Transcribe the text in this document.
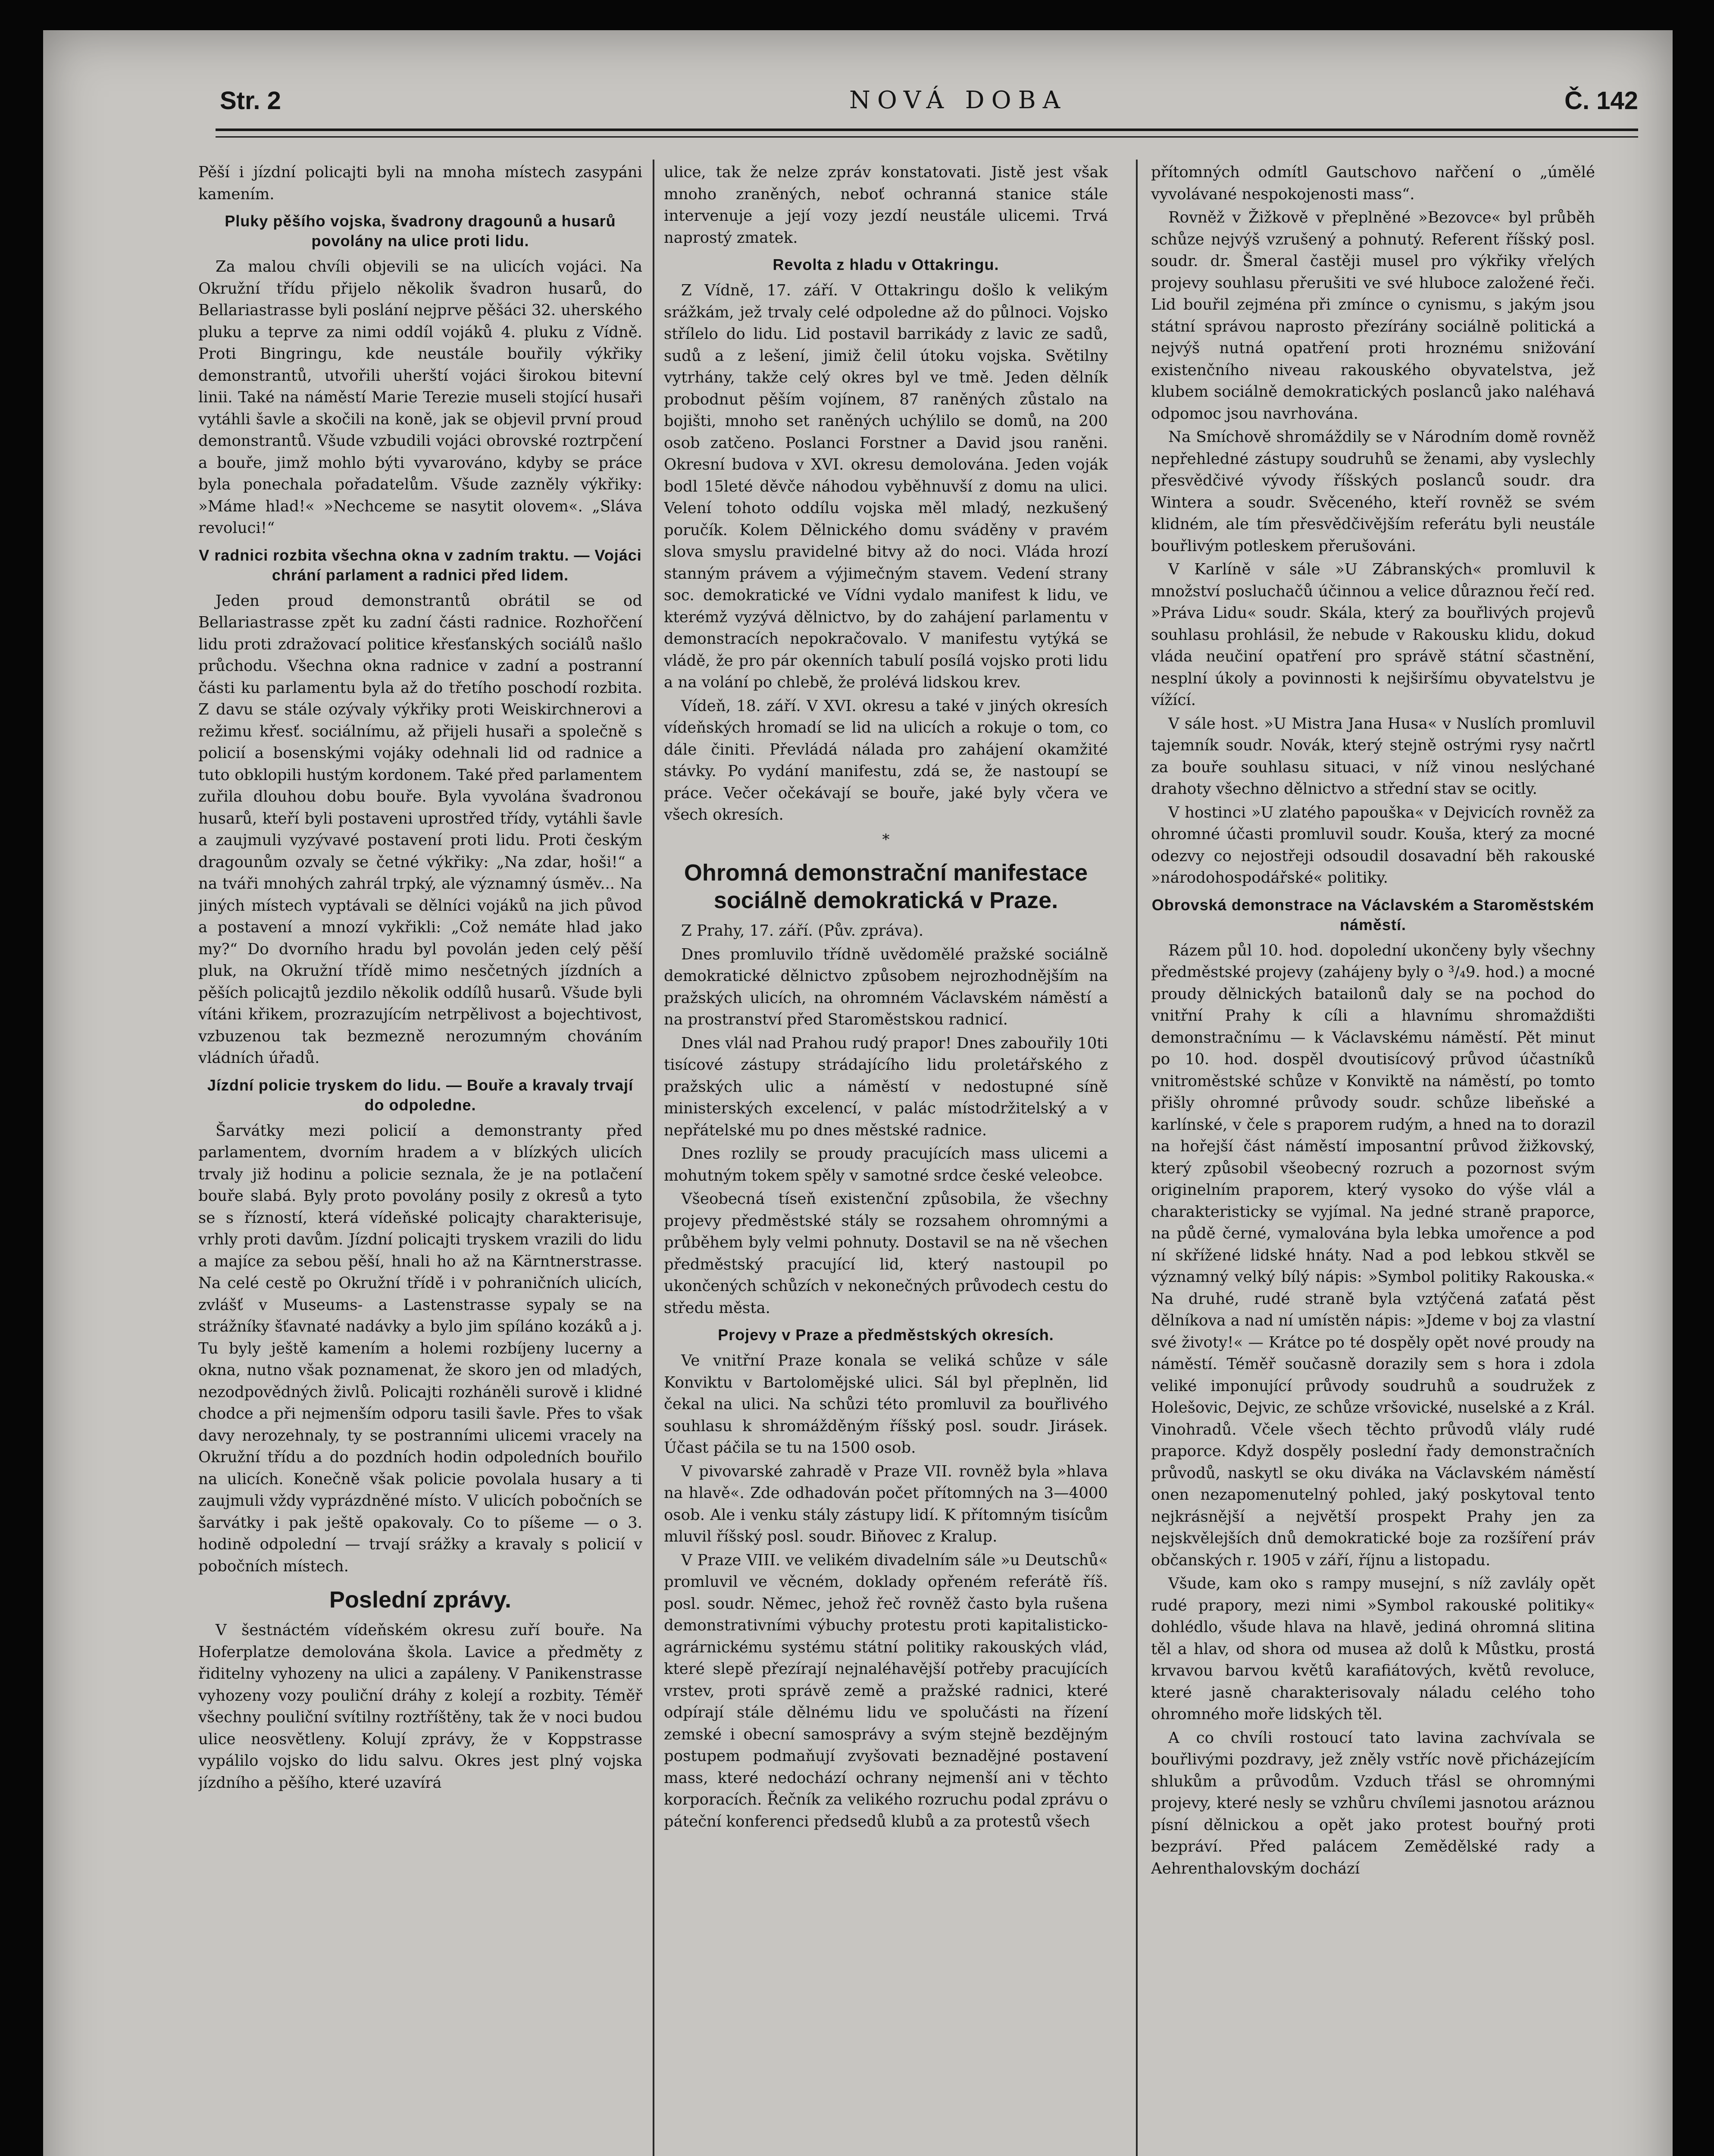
Str. 2	NOVÁ DOBA	Č. 142

Pěší i jízdní policajti byli na mnoha místech zasypáni kamením.

Pluky pěšího vojska, švadrony dragounů a husarů povolány na ulice proti lidu.

Za malou chvíli objevili se na ulicích vojáci. Na Okružní třídu přijelo několik švadron husarů, do Bellariastrasse byli poslání nejprve pěšáci 32. uherského pluku a teprve za nimi oddíl vojáků 4. pluku z Vídně. Proti Bingringu, kde neustále bouřily výkřiky demonstrantů, utvořili uherští vojáci širokou bitevní linii. Také na náměstí Marie Terezie museli stojící husaři vytáhli šavle a skočili na koně, jak se objevil první proud demonstrantů. Všude vzbudili vojáci obrovské roztrpčení a bouře, jimž mohlo býti vyvarováno, kdyby se práce byla ponechala pořadatelům. Všude zazněly výkřiky: »Máme hlad!« »Nechceme se nasytit olovem«. „Sláva revoluci!“

V radnici rozbita všechna okna v zadním traktu. — Vojáci chrání parlament a radnici před lidem.

Jeden proud demonstrantů obrátil se od Bellariastrasse zpět ku zadní části radnice. Rozhořčení lidu proti zdražovací politice křesťanských sociálů našlo průchodu. Všechna okna radnice v zadní a postranní části ku parlamentu byla až do třetího poschodí rozbita. Z davu se stále ozývaly výkřiky proti Weiskirchnerovi a režimu křesť. sociálnímu, až přijeli husaři a společně s policií a bosenskými vojáky odehnali lid od radnice a tuto obklopili hustým kordonem. Také před parlamentem zuřila dlouhou dobu bouře. Byla vyvolána švadronou husarů, kteří byli postaveni uprostřed třídy, vytáhli šavle a zaujmuli vyzývavé postavení proti lidu. Proti českým dragounům ozvaly se četné výkřiky: „Na zdar, hoši!“ a na tváři mnohých zahrál trpký, ale významný úsměv... Na jiných místech vyptávali se dělníci vojáků na jich původ a postavení a mnozí vykřikli: „Což nemáte hlad jako my?“ Do dvorního hradu byl povolán jeden celý pěší pluk, na Okružní třídě mimo nesčetných jízdních a pěších policajtů jezdilo několik oddílů husarů. Všude byli vítáni křikem, prozrazujícím netrpělivost a bojechtivost, vzbuzenou tak bezmezně nerozumným chováním vládních úřadů.

Jízdní policie tryskem do lidu. — Bouře a kravaly trvají do odpoledne.

Šarvátky mezi policií a demonstranty před parlamentem, dvorním hradem a v blízkých ulicích trvaly již hodinu a policie seznala, že je na potlačení bouře slabá. Byly proto povolány posily z okresů a tyto se s řízností, která vídeňské policajty charakterisuje, vrhly proti davům. Jízdní policajti tryskem vrazili do lidu a majíce za sebou pěší, hnali ho až na Kärntnerstrasse. Na celé cestě po Okružní třídě i v pohraničních ulicích, zvlášť v Museums- a Lastenstrasse sypaly se na strážníky šťavnaté nadávky a bylo jim spíláno kozáků a j. Tu byly ještě kamením a holemi rozbíjeny lucerny a okna, nutno však poznamenat, že skoro jen od mladých, nezodpovědných živlů. Policajti rozháněli surově i klidné chodce a při nejmenším odporu tasili šavle. Přes to však davy nerozehnaly, ty se postranními ulicemi vracely na Okružní třídu a do pozdních hodin odpoledních bouřilo na ulicích. Konečně však policie povolala husary a ti zaujmuli vždy vyprázdněné místo. V ulicích pobočních se šarvátky i pak ještě opakovaly. Co to píšeme — o 3. hodině odpolední — trvají srážky a kravaly s policií v pobočních místech.

Poslední zprávy.

V šestnáctém vídeňském okresu zuří bouře. Na Hoferplatze demolována škola. Lavice a předměty z řiditelny vyhozeny na ulici a zapáleny. V Panikenstrasse vyhozeny vozy pouliční dráhy z kolejí a rozbity. Téměř všechny pouliční svítilny roztříštěny, tak že v noci budou ulice neosvětleny. Kolují zprávy, že v Koppstrasse vypálilo vojsko do lidu salvu. Okres jest plný vojska jízdního a pěšího, které uzavírá

ulice, tak že nelze zpráv konstatovati. Jistě jest však mnoho zraněných, neboť ochranná stanice stále intervenuje a její vozy jezdí neustále ulicemi. Trvá naprostý zmatek.

Revolta z hladu v Ottakringu.

Z Vídně, 17. září. V Ottakringu došlo k velikým srážkám, jež trvaly celé odpoledne až do půlnoci. Vojsko střílelo do lidu. Lid postavil barrikády z lavic ze sadů, sudů a z lešení, jimiž čelil útoku vojska. Světilny vytrhány, takže celý okres byl ve tmě. Jeden dělník probodnut pěším vojínem, 87 raněných zůstalo na bojišti, mnoho set raněných uchýlilo se domů, na 200 osob zatčeno. Poslanci Forstner a David jsou raněni. Okresní budova v XVI. okresu demolována. Jeden voják bodl 15leté děvče náhodou vyběhnuvší z domu na ulici. Velení tohoto oddílu vojska měl mladý, nezkušený poručík. Kolem Dělnického domu sváděny v pravém slova smyslu pravidelné bitvy až do noci. Vláda hrozí stanným právem a výjimečným stavem. Vedení strany soc. demokratické ve Vídni vydalo manifest k lidu, ve kterémž vyzývá dělnictvo, by do zahájení parlamentu v demonstracích nepokračovalo. V manifestu vytýká se vládě, že pro pár okenních tabulí posílá vojsko proti lidu a na volání po chlebě, že prolévá lidskou krev.

Vídeň, 18. září. V XVI. okresu a také v jiných okresích vídeňských hromadí se lid na ulicích a rokuje o tom, co dále činiti. Převládá nálada pro zahájení okamžité stávky. Po vydání manifestu, zdá se, že nastoupí se práce. Večer očekávají se bouře, jaké byly včera ve všech okresích.

*
Ohromná demonstrační manifestace sociálně demokratická v Praze.

Z Prahy, 17. září. (Pův. zpráva).

Dnes promluvilo třídně uvědomělé pražské sociálně demokratické dělnictvo způsobem nejrozhodnějším na pražských ulicích, na ohromném Václavském náměstí a na prostranství před Staroměstskou radnicí.

Dnes vlál nad Prahou rudý prapor! Dnes zabouřily 10ti tisícové zástupy strádajícího lidu proletářského z pražských ulic a náměstí v nedostupné síně ministerských excelencí, v palác místodržitelský a v nepřátelské mu po dnes městské radnice.

Dnes rozlily se proudy pracujících mass ulicemi a mohutným tokem spěly v samotné srdce české veleobce.

Všeobecná tíseň existenční způsobila, že všechny projevy předměstské stály se rozsahem ohromnými a průběhem byly velmi pohnuty. Dostavil se na ně všechen předměstský pracující lid, který nastoupil po ukončených schůzích v nekonečných průvodech cestu do středu města.

Projevy v Praze a předměstských okresích.

Ve vnitřní Praze konala se veliká schůze v sále Konviktu v Bartolomějské ulici. Sál byl přeplněn, lid čekal na ulici. Na schůzi této promluvil za bouřlivého souhlasu k shromážděným říšský posl. soudr. Jirásek. Účast páčila se tu na 1500 osob.

V pivovarské zahradě v Praze VII. rovněž byla »hlava na hlavě«. Zde odhadován počet přítomných na 3—4000 osob. Ale i venku stály zástupy lidí. K přítomným tisícům mluvil říšský posl. soudr. Biňovec z Kralup.

V Praze VIII. ve velikém divadelním sále »u Deutschů« promluvil ve věcném, doklady opřeném referátě říš. posl. soudr. Němec, jehož řeč rovněž často byla rušena demonstrativními výbuchy protestu proti kapitalisticko-agrárnickému systému státní politiky rakouských vlád, které slepě přezírají nejnaléhavější potřeby pracujících vrstev, proti správě země a pražské radnici, které odpírají stále dělnému lidu ve spolučásti na řízení zemské i obecní samosprávy a svým stejně bezdějným postupem podmaňují zvyšovati beznadějné postavení mass, které nedochází ochrany nejmenší ani v těchto korporacích. Řečník za velikého rozruchu podal zprávu o páteční konferenci předsedů klubů a za protestů všech

přítomných odmítl Gautschovo nařčení o „úmělé vyvolávané nespokojenosti mass“.

Rovněž v Žižkově v přeplněné »Bezovce« byl průběh schůze nejvýš vzrušený a pohnutý. Referent říšský posl. soudr. dr. Šmeral častěji musel pro výkřiky vřelých projevy souhlasu přerušiti ve své hluboce založené řeči. Lid bouřil zejména při zmínce o cynismu, s jakým jsou státní správou naprosto přezírány sociálně politická a nejvýš nutná opatření proti hroznému snižování existenčního niveau rakouského obyvatelstva, jež klubem sociálně demokratických poslanců jako naléhavá odpomoc jsou navrhována.

Na Smíchově shromáždily se v Národním domě rovněž nepřehledné zástupy soudruhů se ženami, aby vyslechly přesvědčivé vývody říšských poslanců soudr. dra Wintera a soudr. Svěceného, kteří rovněž se svém klidném, ale tím přesvědčivějším referátu byli neustále bouřlivým potleskem přerušováni.

V Karlíně v sále »U Zábranských« promluvil k množství posluchačů účinnou a velice důraznou řečí red. »Práva Lidu« soudr. Skála, který za bouřlivých projevů souhlasu prohlásil, že nebude v Rakousku klidu, dokud vláda neučiní opatření pro správě státní sčastnění, nesplní úkoly a povinnosti k nejširšímu obyvatelstvu je vížící.

V sále host. »U Mistra Jana Husa« v Nuslích promluvil tajemník soudr. Novák, který stejně ostrými rysy načrtl za bouře souhlasu situaci, v níž vinou neslýchané drahoty všechno dělnictvo a střední stav se ocitly.

V hostinci »U zlatého papouška« v Dejvicích rovněž za ohromné účasti promluvil soudr. Kouša, který za mocné odezvy co nejostřeji odsoudil dosavadní běh rakouské »národohospodářské« politiky.

Obrovská demonstrace na Václavském a Staroměstském náměstí.

Rázem půl 10. hod. dopolední ukončeny byly všechny předměstské projevy (zahájeny byly o ³/₄9. hod.) a mocné proudy dělnických batailonů daly se na pochod do vnitřní Prahy k cíli a hlavnímu shromaždišti demonstračnímu — k Václavskému náměstí. Pět minut po 10. hod. dospěl dvoutisícový průvod účastníků vnitroměstské schůze v Konviktě na náměstí, po tomto přišly ohromné průvody soudr. schůze libeňské a karlínské, v čele s praporem rudým, a hned na to dorazil na hořejší část náměstí imposantní průvod žižkovský, který způsobil všeobecný rozruch a pozornost svým originelním praporem, který vysoko do výše vlál a charakteristicky se vyjímal. Na jedné straně praporce, na půdě černé, vymalována byla lebka umořence a pod ní skřížené lidské hnáty. Nad a pod lebkou stkvěl se významný velký bílý nápis: »Symbol politiky Rakouska.« Na druhé, rudé straně byla vztýčená zaťatá pěst dělníkova a nad ní umístěn nápis: »Jdeme v boj za vlastní své životy!« — Krátce po té dospěly opět nové proudy na náměstí. Téměř současně dorazily sem s hora i zdola veliké imponující průvody soudruhů a soudružek z Holešovic, Dejvic, ze schůze vršovické, nuselské a z Král. Vinohradů. Včele všech těchto průvodů vlály rudé praporce. Když dospěly poslední řady demonstračních průvodů, naskytl se oku diváka na Václavském náměstí onen nezapomenutelný pohled, jaký poskytoval tento nejkrásnější a největší prospekt Prahy jen za nejskvělejších dnů demokratické boje za rozšíření práv občanských r. 1905 v září, říjnu a listopadu.

Všude, kam oko s rampy musejní, s níž zavlály opět rudé prapory, mezi nimi »Symbol rakouské politiky« dohlédlo, všude hlava na hlavě, jediná ohromná slitina těl a hlav, od shora od musea až dolů k Můstku, prostá krvavou barvou květů karafiátových, květů revoluce, které jasně charakterisovaly náladu celého toho ohromného moře lidských těl.

A co chvíli rostoucí tato lavina zachvívala se bouřlivými pozdravy, jež zněly vstříc nově přicházejícím shlukům a průvodům. Vzduch třásl se ohromnými projevy, které nesly se vzhůru chvílemi jasnotou aráznou písní dělnickou a opět jako protest bouřný proti bezpráví. Před palácem Zemědělské rady a Aehrenthalovským dochází
